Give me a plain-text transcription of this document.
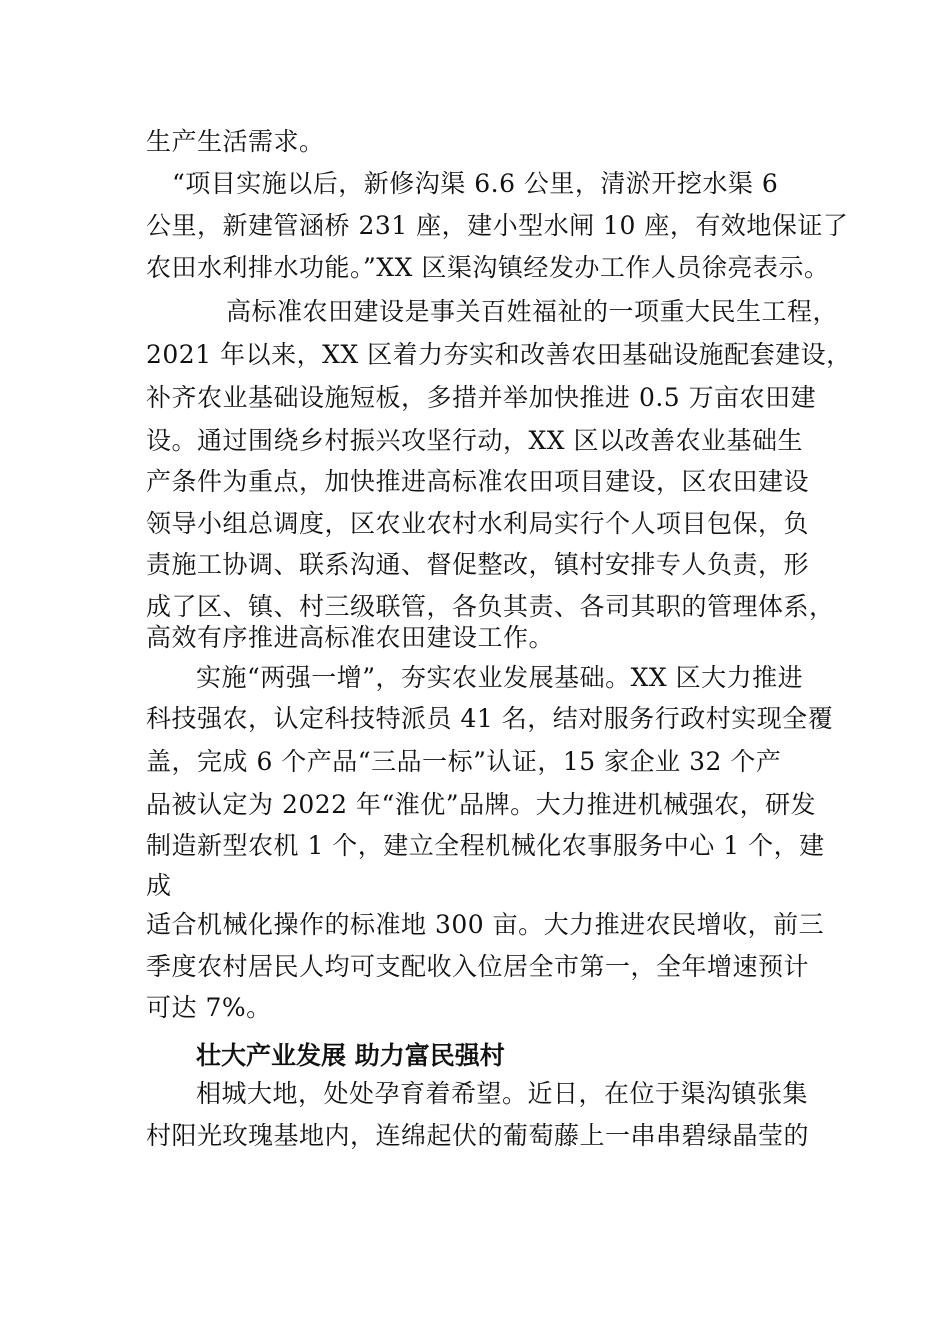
生产生活需求。
“项目实施以后，新修沟渠 6.6 公里，清淤开挖水渠 6
公里，新建管涵桥 231 座，建小型水闸 10 座，有效地保证了
农田水利排水功能。”XX 区渠沟镇经发办工作人员徐亮表示。
高标准农田建设是事关百姓福祉的一项重大民生工程，
2021 年以来，XX 区着力夯实和改善农田基础设施配套建设，
补齐农业基础设施短板，多措并举加快推进 0.5 万亩农田建
设。通过围绕乡村振兴攻坚行动，XX 区以改善农业基础生
产条件为重点，加快推进高标准农田项目建设，区农田建设
领导小组总调度，区农业农村水利局实行个人项目包保，负
责施工协调、联系沟通、督促整改，镇村安排专人负责，形
成了区、镇、村三级联管，各负其责、各司其职的管理体系，
高效有序推进高标准农田建设工作。
实施“两强一增”，夯实农业发展基础。XX 区大力推进
科技强农，认定科技特派员 41 名，结对服务行政村实现全覆
盖，完成 6 个产品“三品一标”认证，15 家企业 32 个产
品被认定为 2022 年“淮优”品牌。大力推进机械强农，研发
制造新型农机 1 个，建立全程机械化农事服务中心 1 个，建
成
适合机械化操作的标准地 300 亩。大力推进农民增收，前三
季度农村居民人均可支配收入位居全市第一，全年增速预计
可达 7%。
壮大产业发展 助力富民强村
相城大地，处处孕育着希望。近日，在位于渠沟镇张集
村阳光玫瑰基地内，连绵起伏的葡萄藤上一串串碧绿晶莹的
